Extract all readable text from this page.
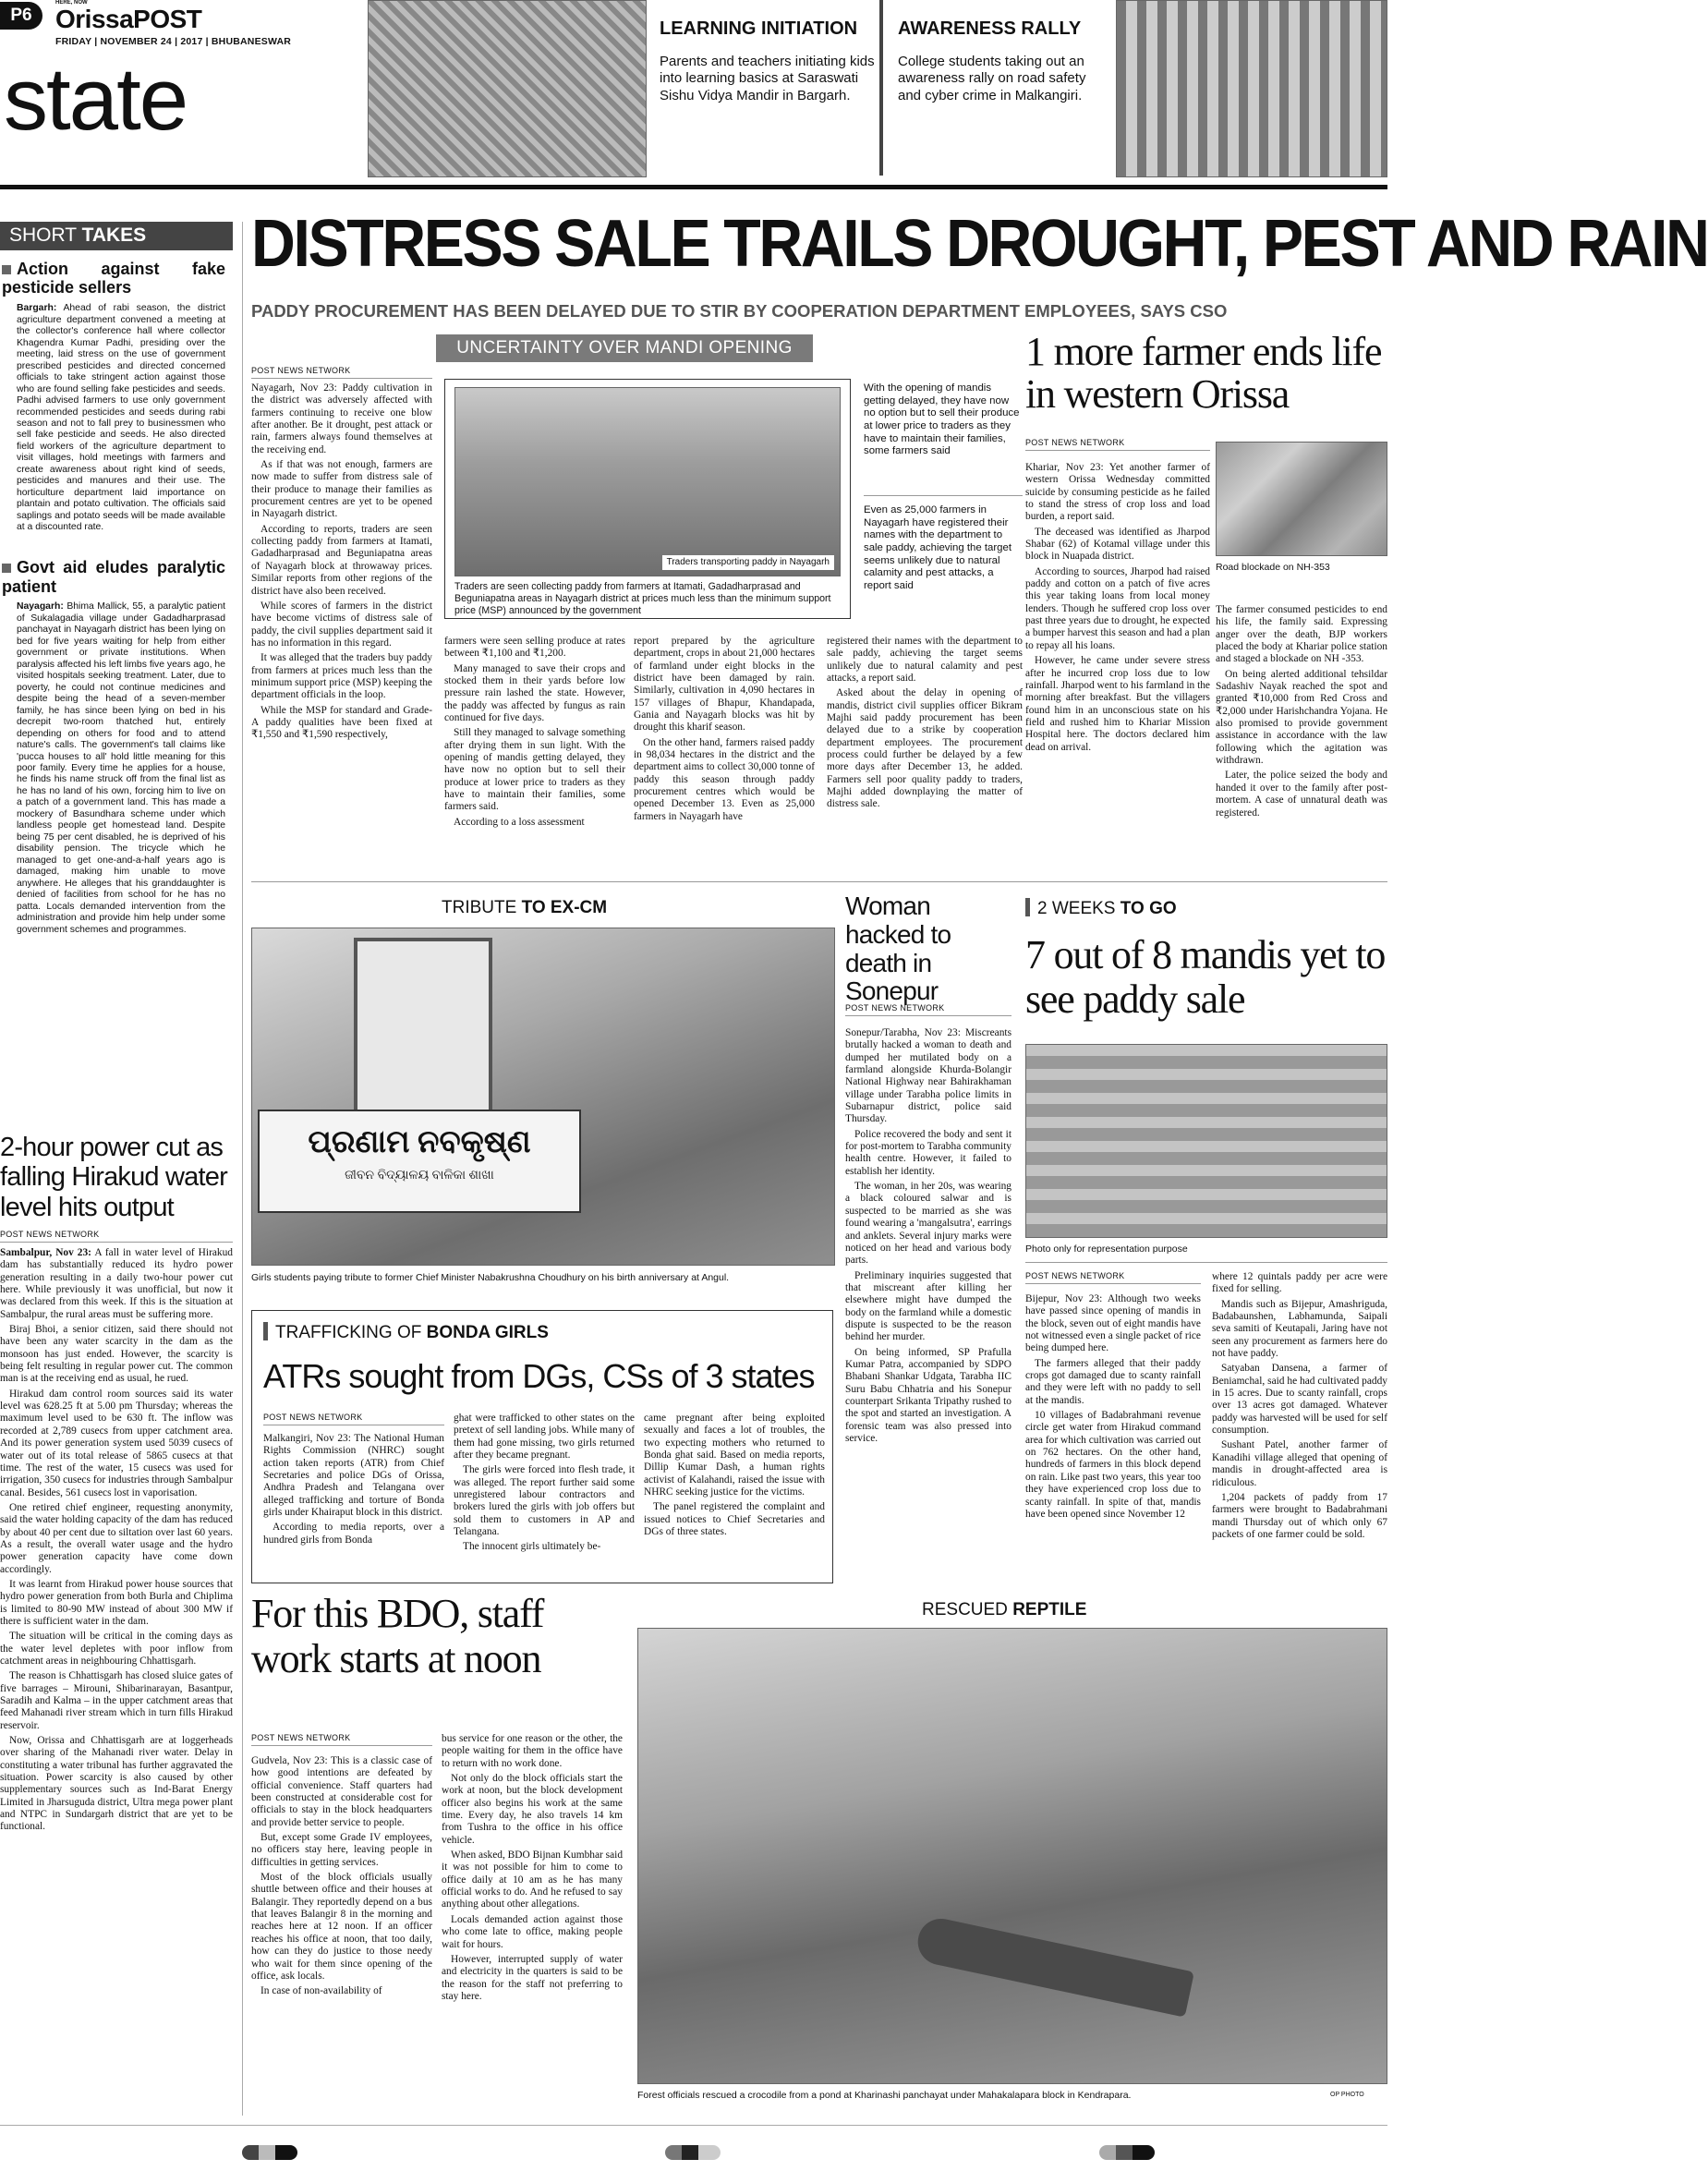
P6
HERE, NOW
OrissaPOST
FRIDAY | NOVEMBER 24 | 2017 | BHUBANESWAR
state
LEARNING INITIATION
Parents and teachers initiating kids into learning basics at Saraswati Sishu Vidya Mandir in Bargarh.
AWARENESS RALLY
College students taking out an awareness rally on road safety and cyber crime in Malkangiri.
SHORT TAKES
Action against fake pesticide sellers

Bargarh: Ahead of rabi season, the district agriculture department convened a meeting at the collector's conference hall where collector Khagendra Kumar Padhi, presiding over the meeting, laid stress on the use of government prescribed pesticides and directed concerned officials to take stringent action against those who are found selling fake pesticides and seeds. Padhi advised farmers to use only government recommended pesticides and seeds during rabi season and not to fall prey to businessmen who sell fake pesticide and seeds. He also directed field workers of the agriculture department to visit villages, hold meetings with farmers and create awareness about right kind of seeds, pesticides and manures and their use. The horticulture department laid importance on plantain and potato cultivation. The officials said saplings and potato seeds will be made available at a discounted rate.

Govt aid eludes paralytic patient

Nayagarh: Bhima Mallick, 55, a paralytic patient of Sukalagadia village under Gadadharprasad panchayat in Nayagarh district has been lying on bed for five years waiting for help from either government or private institutions. When paralysis affected his left limbs five years ago, he visited hospitals seeking treatment. Later, due to poverty, he could not continue medicines and despite being the head of a seven-member family, he has since been lying on bed in his decrepit two-room thatched hut, entirely depending on others for food and to attend nature's calls. The government's tall claims like 'pucca houses to all' hold little meaning for this poor family. Every time he applies for a house, he finds his name struck off from the final list as he has no land of his own, forcing him to live on a patch of a government land. This has made a mockery of Basundhara scheme under which landless people get homestead land. Despite being 75 per cent disabled, he is deprived of his disability pension. The tricycle which he managed to get one-and-a-half years ago is damaged, making him unable to move anywhere. He alleges that his granddaughter is denied of facilities from school for he has no patta. Locals demanded intervention from the administration and provide him help under some government schemes and programmes.

2-hour power cut as falling Hirakud water level hits output
POST NEWS NETWORK

Sambalpur, Nov 23: A fall in water level of Hirakud dam has substantially reduced its hydro power generation resulting in a daily two-hour power cut here. While previously it was unofficial, but now it was declared from this week. If this is the situation at Sambalpur, the rural areas must be suffering more.

Biraj Bhoi, a senior citizen, said there should not have been any water scarcity in the dam as the monsoon has just ended. However, the scarcity is being felt resulting in regular power cut. The common man is at the receiving end as usual, he rued.

Hirakud dam control room sources said its water level was 628.25 ft at 5.00 pm Thursday; whereas the maximum level used to be 630 ft. The inflow was recorded at 2,789 cusecs from upper catchment area. And its power generation system used 5039 cusecs of water out of its total release of 5865 cusecs at that time. The rest of the water, 15 cusecs was used for irrigation, 350 cusecs for industries through Sambalpur canal. Besides, 561 cusecs lost in vaporisation.

One retired chief engineer, requesting anonymity, said the water holding capacity of the dam has reduced by about 40 per cent due to siltation over last 60 years. As a result, the overall water usage and the hydro power generation capacity have come down accordingly.

It was learnt from Hirakud power house sources that hydro power generation from both Burla and Chiplima is limited to 80-90 MW instead of about 300 MW if there is sufficient water in the dam.

The situation will be critical in the coming days as the water level depletes with poor inflow from catchment areas in neighbouring Chhattisgarh.

The reason is Chhattisgarh has closed sluice gates of five barrages – Mirouni, Shibarinarayan, Basantpur, Saradih and Kalma – in the upper catchment areas that feed Mahanadi river stream which in turn fills Hirakud reservoir.

Now, Orissa and Chhattisgarh are at loggerheads over sharing of the Mahanadi river water. Delay in constituting a water tribunal has further aggravated the situation. Power scarcity is also caused by other supplementary sources such as Ind-Barat Energy Limited in Jharsuguda district, Ultra mega power plant and NTPC in Sundargarh district that are yet to be functional.

DISTRESS SALE TRAILS DROUGHT, PEST AND RAIN
PADDY PROCUREMENT HAS BEEN DELAYED DUE TO STIR BY COOPERATION DEPARTMENT EMPLOYEES, SAYS CSO
UNCERTAINTY OVER MANDI OPENING
POST NEWS NETWORK

Nayagarh, Nov 23: Paddy cultivation in the district was adversely affected with farmers continuing to receive one blow after another. Be it drought, pest attack or rain, farmers always found themselves at the receiving end.

As if that was not enough, farmers are now made to suffer from distress sale of their produce to manage their families as procurement centres are yet to be opened in Nayagarh district.

According to reports, traders are seen collecting paddy from farmers at Itamati, Gadadharprasad and Beguniapatna areas of Nayagarh block at throwaway prices. Similar reports from other regions of the district have also been received.

While scores of farmers in the district have become victims of distress sale of paddy, the civil supplies department said it has no information in this regard.

It was alleged that the traders buy paddy from farmers at prices much less than the minimum support price (MSP) keeping the department officials in the loop.

While the MSP for standard and Grade-A paddy qualities have been fixed at ₹1,550 and ₹1,590 respectively,

Traders transporting paddy in Nayagarh
Traders are seen collecting paddy from farmers at Itamati, Gadadharprasad and Beguniapatna areas in Nayagarh district at prices much less than the minimum support price (MSP) announced by the government

farmers were seen selling produce at rates between ₹1,100 and ₹1,200.

Many managed to save their crops and stocked them in their yards before low pressure rain lashed the state. However, the paddy was affected by fungus as rain continued for five days.

Still they managed to salvage something after drying them in sun light. With the opening of mandis getting delayed, they have now no option but to sell their produce at lower price to traders as they have to maintain their families, some farmers said.

According to a loss assessment

report prepared by the agriculture department, crops in about 21,000 hectares of farmland under eight blocks in the district have been damaged by rain. Similarly, cultivation in 4,090 hectares in 157 villages of Bhapur, Khandapada, Gania and Nayagarh blocks was hit by drought this kharif season.

On the other hand, farmers raised paddy in 98,034 hectares in the district and the department aims to collect 30,000 tonne of paddy this season through paddy procurement centres which would be opened December 13. Even as 25,000 farmers in Nayagarh have

With the opening of mandis getting delayed, they have now no option but to sell their produce at lower price to traders as they have to maintain their families, some farmers said
Even as 25,000 farmers in Nayagarh have registered their names with the department to sale paddy, achieving the target seems unlikely due to natural calamity and pest attacks, a report said

registered their names with the department to sale paddy, achieving the target seems unlikely due to natural calamity and pest attacks, a report said.

Asked about the delay in opening of mandis, district civil supplies officer Bikram Majhi said paddy procurement has been delayed due to a strike by cooperation department employees. The procurement process could further be delayed by a few more days after December 13, he added. Farmers sell poor quality paddy to traders, Majhi added downplaying the matter of distress sale.

1 more farmer ends life in western Orissa
POST NEWS NETWORK

Khariar, Nov 23: Yet another farmer of western Orissa Wednesday committed suicide by consuming pesticide as he failed to stand the stress of crop loss and load burden, a report said.

The deceased was identified as Jharpod Shabar (62) of Kotamal village under this block in Nuapada district.

According to sources, Jharpod had raised paddy and cotton on a patch of five acres this year taking loans from local money lenders. Though he suffered crop loss over past three years due to drought, he expected a bumper harvest this season and had a plan to repay all his loans.

However, he came under severe stress after he incurred crop loss due to low rainfall. Jharpod went to his farmland in the morning after breakfast. But the villagers found him in an unconscious state on his field and rushed him to Khariar Mission Hospital here. The doctors declared him dead on arrival.

Road blockade on NH-353

The farmer consumed pesticides to end his life, the family said. Expressing anger over the death, BJP workers placed the body at Khariar police station and staged a blockade on NH -353.

On being alerted additional tehsildar Sadashiv Nayak reached the spot and granted ₹10,000 from Red Cross and ₹2,000 under Harishchandra Yojana. He also promised to provide government assistance in accordance with the law following which the agitation was withdrawn.

Later, the police seized the body and handed it over to the family after post-mortem. A case of unnatural death was registered.

TRIBUTE TO EX-CM
ପ୍ରଣାମ ନବକୃଷ୍ଣ
ଜୀବନ ବିଦ୍ୟାଳୟ ବାଳିକା ଶାଖା
Girls students paying tribute to former Chief Minister Nabakrushna Choudhury on his birth anniversary at Angul.
Woman hacked to death in Sonepur
POST NEWS NETWORK

Sonepur/Tarabha, Nov 23: Miscreants brutally hacked a woman to death and dumped her mutilated body on a farmland alongside Khurda-Bolangir National Highway near Bahirakhaman village under Tarabha police limits in Subarnapur district, police said Thursday.

Police recovered the body and sent it for post-mortem to Tarabha community health centre. However, it failed to establish her identity.

The woman, in her 20s, was wearing a black coloured salwar and is suspected to be married as she was found wearing a 'mangalsutra', earrings and anklets. Several injury marks were noticed on her head and various body parts.

Preliminary inquiries suggested that that miscreant after killing her elsewhere might have dumped the body on the farmland while a domestic dispute is suspected to be the reason behind her murder.

On being informed, SP Prafulla Kumar Patra, accompanied by SDPO Bhabani Shankar Udgata, Tarabha IIC Suru Babu Chhatria and his Sonepur counterpart Srikanta Tripathy rushed to the spot and started an investigation. A forensic team was also pressed into service.

2 WEEKS TO GO
7 out of 8 mandis yet to see paddy sale
Photo only for representation purpose
POST NEWS NETWORK

Bijepur, Nov 23: Although two weeks have passed since opening of mandis in the block, seven out of eight mandis have not witnessed even a single packet of rice being dumped here.

The farmers alleged that their paddy crops got damaged due to scanty rainfall and they were left with no paddy to sell at the mandis.

10 villages of Badabrahmani revenue circle get water from Hirakud command area for which cultivation was carried out on 762 hectares. On the other hand, hundreds of farmers in this block depend on rain. Like past two years, this year too they have experienced crop loss due to scanty rainfall. In spite of that, mandis have been opened since November 12

where 12 quintals paddy per acre were fixed for selling.

Mandis such as Bijepur, Amashriguda, Badabaunshen, Labhamunda, Saipali seva samiti of Keutapali, Jaring have not seen any procurement as farmers here do not have paddy.

Satyaban Dansena, a farmer of Beniamchal, said he had cultivated paddy in 15 acres. Due to scanty rainfall, crops over 13 acres got damaged. Whatever paddy was harvested will be used for self consumption.

Sushant Patel, another farmer of Kanadihi village alleged that opening of mandis in drought-affected area is ridiculous.

1,204 packets of paddy from 17 farmers were brought to Badabrahmani mandi Thursday out of which only 67 packets of one farmer could be sold.

TRAFFICKING OF BONDA GIRLS
ATRs sought from DGs, CSs of 3 states
POST NEWS NETWORK

Malkangiri, Nov 23: The National Human Rights Commission (NHRC) sought action taken reports (ATR) from Chief Secretaries and police DGs of Orissa, Andhra Pradesh and Telangana over alleged trafficking and torture of Bonda girls under Khairaput block in this district.

According to media reports, over a hundred girls from Bonda

ghat were trafficked to other states on the pretext of sell landing jobs. While many of them had gone missing, two girls returned after they became pregnant.

The girls were forced into flesh trade, it was alleged. The report further said some unregistered labour contractors and brokers lured the girls with job offers but sold them to customers in AP and Telangana.

The innocent girls ultimately be-

came pregnant after being exploited sexually and faces a lot of troubles, the two expecting mothers who returned to Bonda ghat said. Based on media reports, Dillip Kumar Dash, a human rights activist of Kalahandi, raised the issue with NHRC seeking justice for the victims.

The panel registered the complaint and issued notices to Chief Secretaries and DGs of three states.

For this BDO, staff work starts at noon
POST NEWS NETWORK

Gudvela, Nov 23: This is a classic case of how good intentions are defeated by official convenience. Staff quarters had been constructed at considerable cost for officials to stay in the block headquarters and provide better service to people.

But, except some Grade IV employees, no officers stay here, leaving people in difficulties in getting services.

Most of the block officials usually shuttle between office and their houses at Balangir. They reportedly depend on a bus that leaves Balangir 8 in the morning and reaches here at 12 noon. If an officer reaches his office at noon, that too daily, how can they do justice to those needy who wait for them since opening of the office, ask locals.

In case of non-availability of

bus service for one reason or the other, the people waiting for them in the office have to return with no work done.

Not only do the block officials start the work at noon, but the block development officer also begins his work at the same time. Every day, he also travels 14 km from Tushra to the office in his office vehicle.

When asked, BDO Bijnan Kumbhar said it was not possible for him to come to office daily at 10 am as he has many official works to do. And he refused to say anything about other allegations.

Locals demanded action against those who come late to office, making people wait for hours.

However, interrupted supply of water and electricity in the quarters is said to be the reason for the staff not preferring to stay here.

RESCUED REPTILE
Forest officials rescued a crocodile from a pond at Kharinashi panchayat under Mahakalapara block in Kendrapara.	OP PHOTO
